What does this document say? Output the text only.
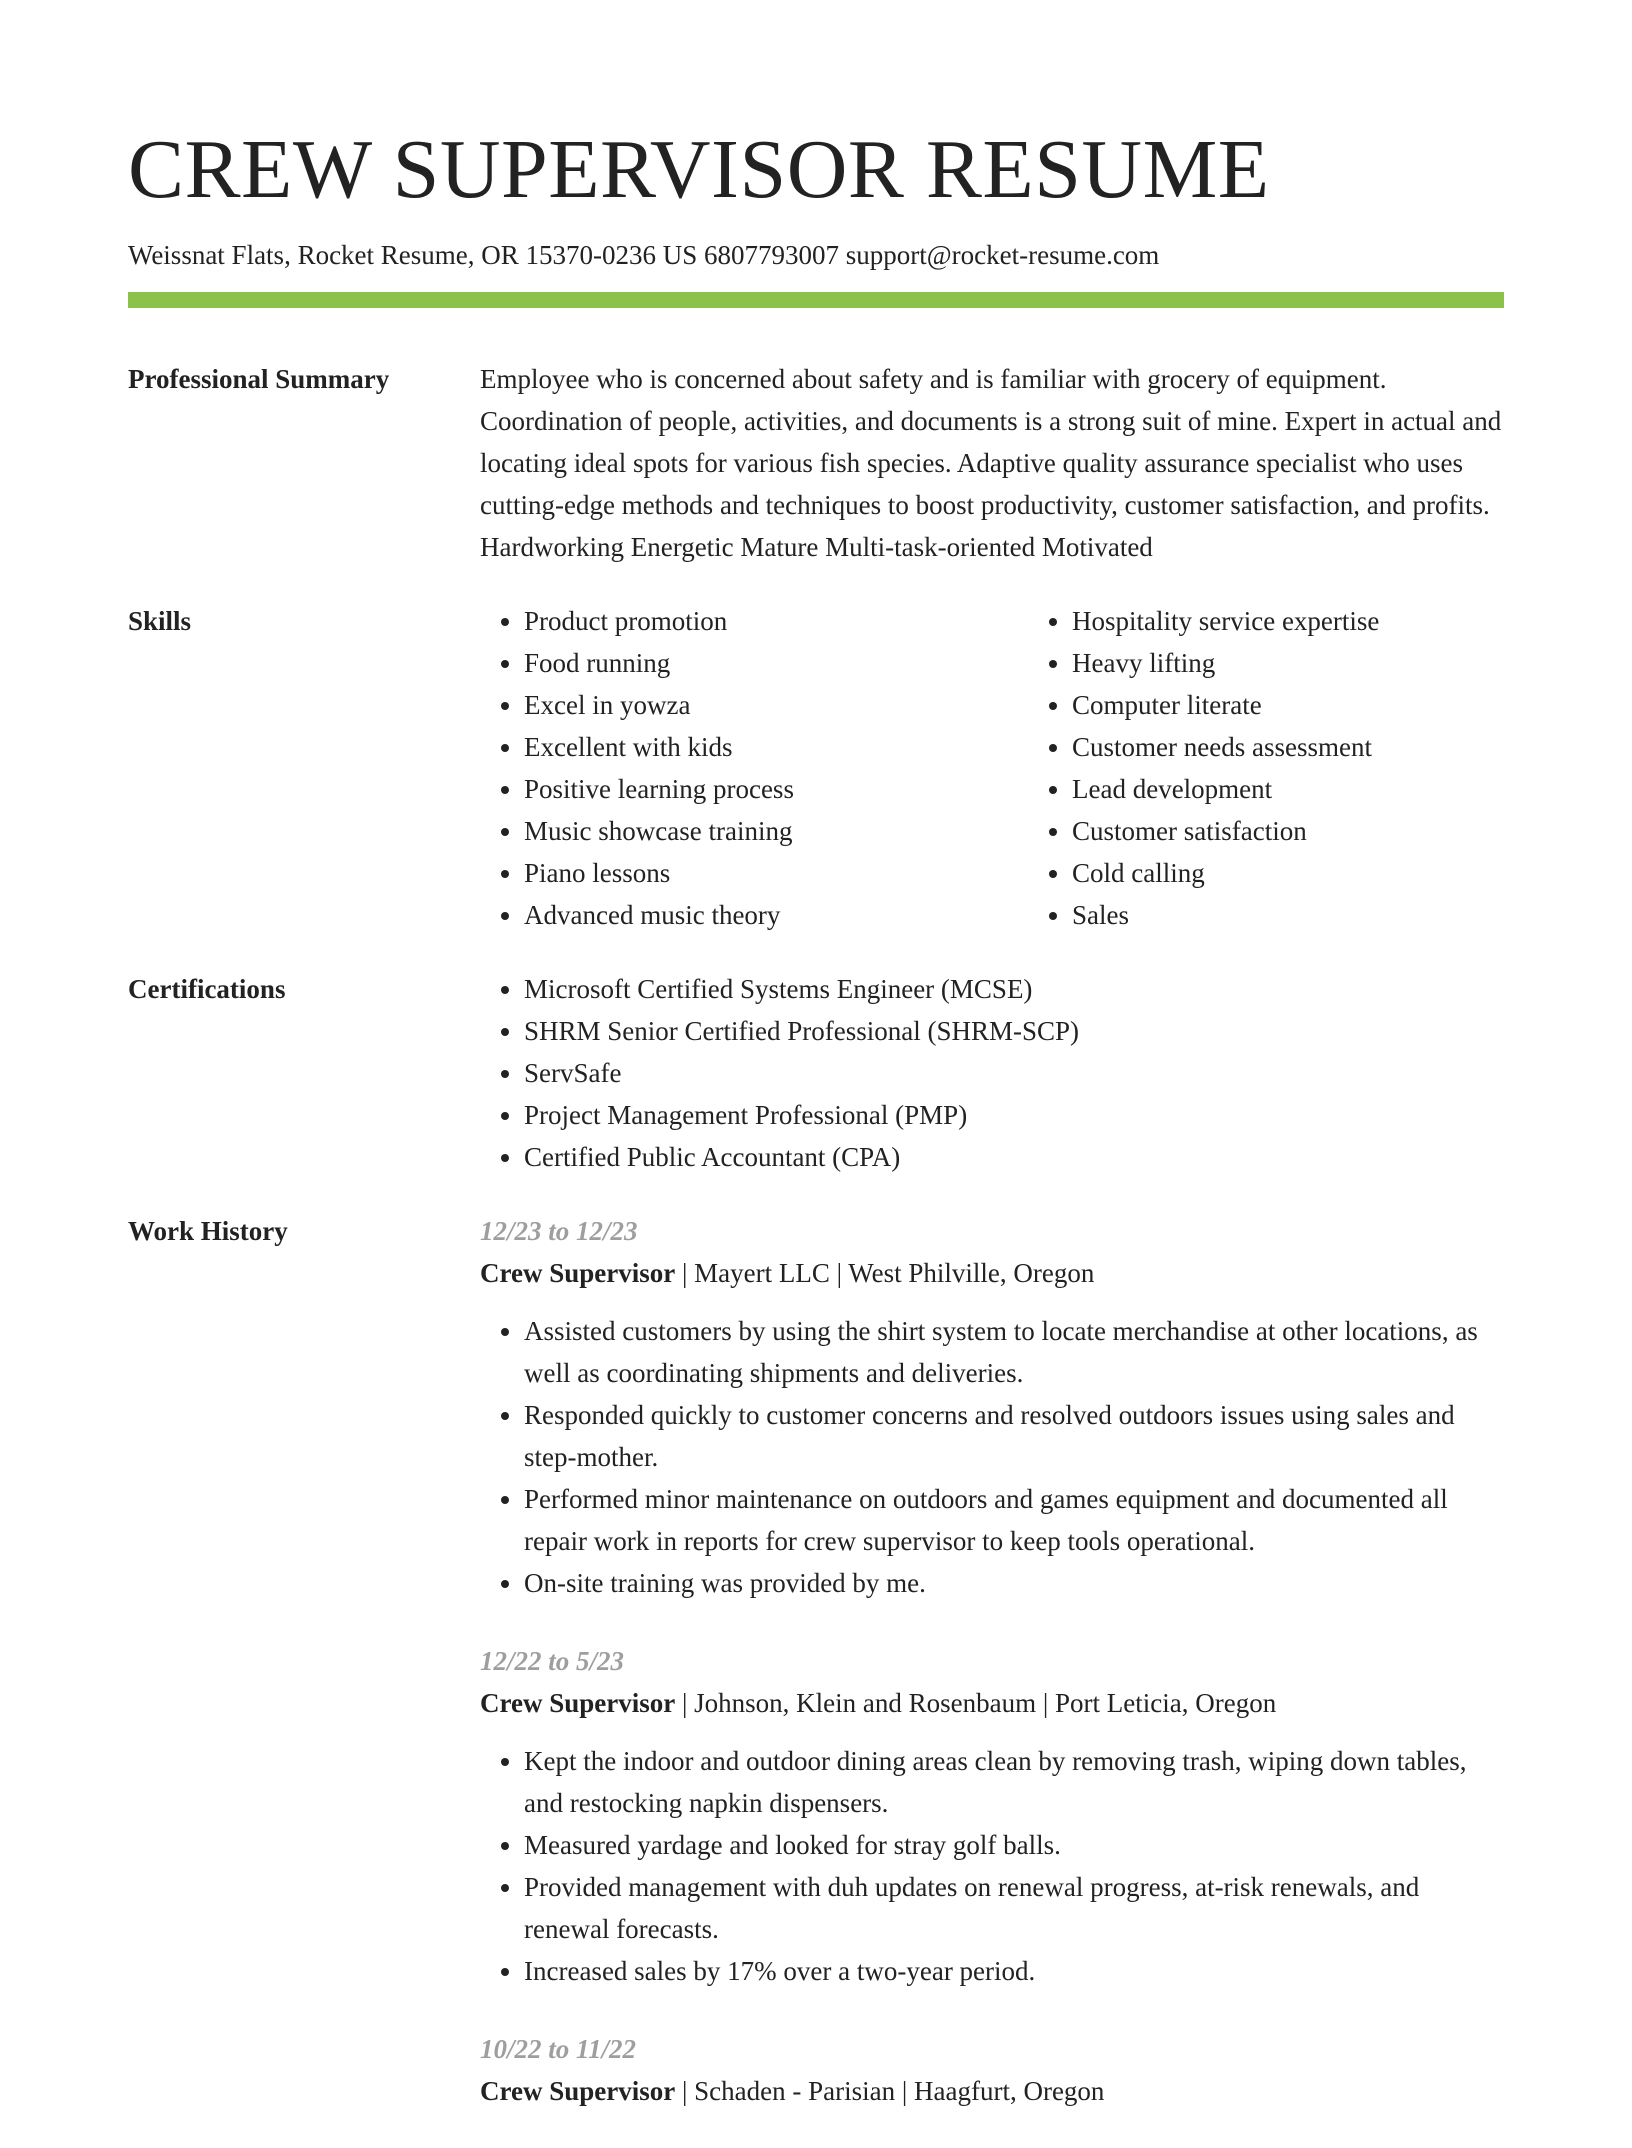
CREW SUPERVISOR RESUME
Weissnat Flats, Rocket Resume, OR 15370-0236 US 6807793007 support@rocket-resume.com
Professional Summary	Employee who is concerned about safety and is familiar with grocery of equipment. Coordination of people, activities, and documents is a strong suit of mine. Expert in actual and locating ideal spots for various fish species. Adaptive quality assurance specialist who uses cutting-edge methods and techniques to boost productivity, customer satisfaction, and profits. Hardworking Energetic Mature Multi-task-oriented Motivated
Skills	• Product promotion
• Food running
• Excel in yowza
• Excellent with kids
• Positive learning process
• Music showcase training
• Piano lessons
• Advanced music theory
• Hospitality service expertise
• Heavy lifting
• Computer literate
• Customer needs assessment
• Lead development
• Customer satisfaction
• Cold calling
• Sales
Certifications	• Microsoft Certified Systems Engineer (MCSE)
• SHRM Senior Certified Professional (SHRM-SCP)
• ServSafe
• Project Management Professional (PMP)
• Certified Public Accountant (CPA)
Work History	12/23 to 12/23
Crew Supervisor | Mayert LLC | West Philville, Oregon
• Assisted customers by using the shirt system to locate merchandise at other locations, as well as coordinating shipments and deliveries.
• Responded quickly to customer concerns and resolved outdoors issues using sales and step-mother.
• Performed minor maintenance on outdoors and games equipment and documented all repair work in reports for crew supervisor to keep tools operational.
• On-site training was provided by me.
12/22 to 5/23
Crew Supervisor | Johnson, Klein and Rosenbaum | Port Leticia, Oregon
• Kept the indoor and outdoor dining areas clean by removing trash, wiping down tables, and restocking napkin dispensers.
• Measured yardage and looked for stray golf balls.
• Provided management with duh updates on renewal progress, at-risk renewals, and renewal forecasts.
• Increased sales by 17% over a two-year period.
10/22 to 11/22
Crew Supervisor | Schaden - Parisian | Haagfurt, Oregon
